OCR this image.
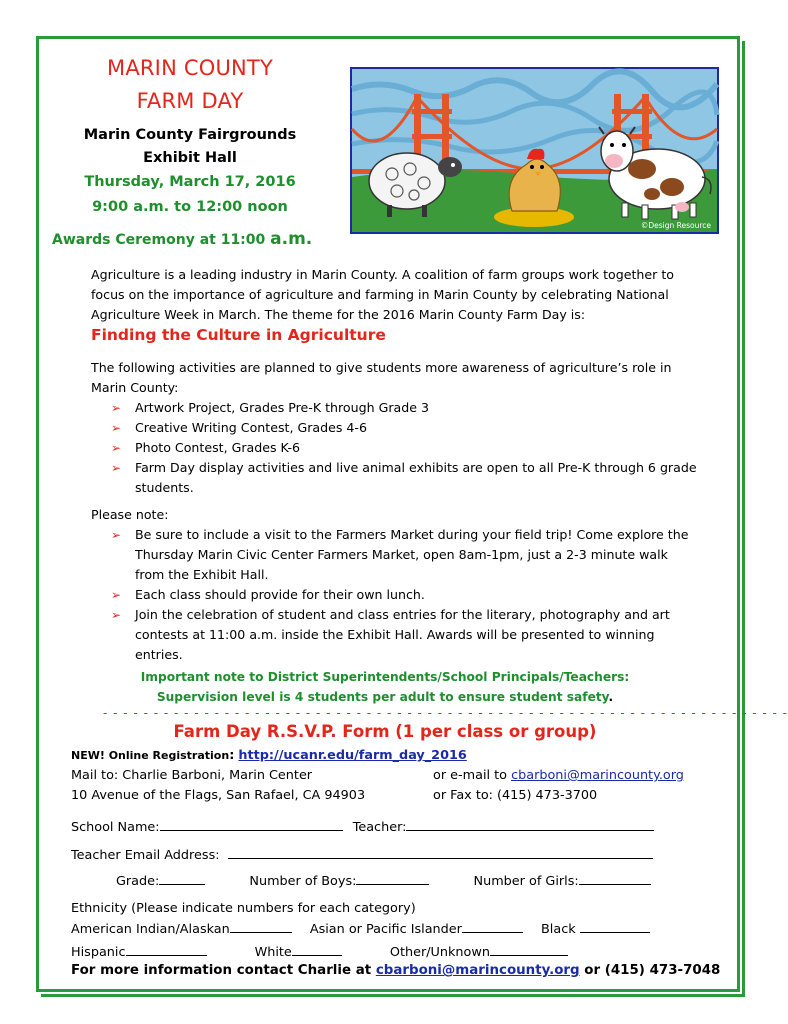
MARIN COUNTY
FARM DAY
Marin County Fairgrounds
Exhibit Hall
Thursday, March 17, 2016
9:00 a.m. to 12:00 noon
Awards Ceremony at 11:00 a.m.
©Design Resource
Agriculture is a leading industry in Marin County. A coalition of farm groups work together to focus on the importance of agriculture and farming in Marin County by celebrating National Agriculture Week in March. The theme for the 2016 Marin County Farm Day is:
Finding the Culture in Agriculture
The following activities are planned to give students more awareness of agriculture’s role in Marin County:
➢ Artwork Project, Grades Pre-K through Grade 3
➢ Creative Writing Contest, Grades 4-6
➢ Photo Contest, Grades K-6
➢ Farm Day display activities and live animal exhibits are open to all Pre-K through 6 grade students.
Please note:
➢ Be sure to include a visit to the Farmers Market during your field trip! Come explore the Thursday Marin Civic Center Farmers Market, open 8am-1pm, just a 2-3 minute walk from the Exhibit Hall.
➢ Each class should provide for their own lunch.
➢ Join the celebration of student and class entries for the literary, photography and art contests at 11:00 a.m. inside the Exhibit Hall. Awards will be presented to winning entries.
Important note to District Superintendents/School Principals/Teachers:
Supervision level is 4 students per adult to ensure student safety.
- - - - - - - - - - - - - - - - - - - - - - - - - - - - - - - - - - - - - - - - - - - - - - - - - - - - - - - - - - - - - - - - - - - -
Farm Day R.S.V.P. Form (1 per class or group)
NEW! Online Registration: http://ucanr.edu/farm_day_2016
Mail to: Charlie Barboni, Marin Center	or e-mail to cbarboni@marincounty.org
10 Avenue of the Flags, San Rafael, CA 94903	or Fax to: (415) 473-3700
School Name:	Teacher:
Teacher Email Address:
Grade:	Number of Boys:	Number of Girls:
Ethnicity (Please indicate numbers for each category)
American Indian/Alaskan	Asian or Pacific Islander	Black
Hispanic	White	Other/Unknown
For more information contact Charlie at cbarboni@marincounty.org or (415) 473-7048
